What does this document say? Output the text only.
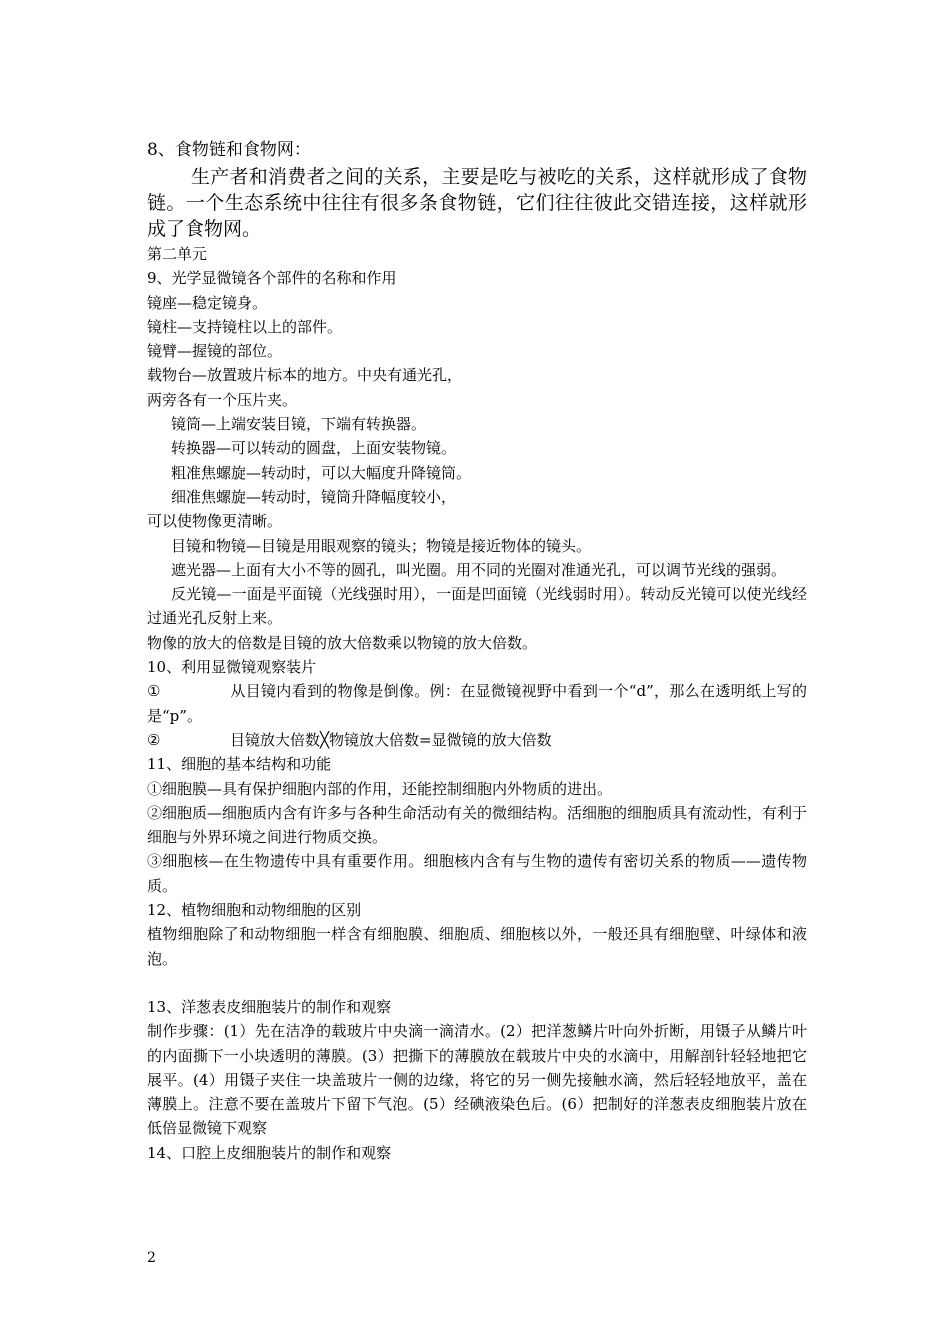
8、食物链和食物网：

生产者和消费者之间的关系，主要是吃与被吃的关系，这样就形成了食物链。一个生态系统中往往有很多条食物链，它们往往彼此交错连接，这样就形成了食物网。

第二单元

9、光学显微镜各个部件的名称和作用

镜座—稳定镜身。

镜柱—支持镜柱以上的部件。

镜臂—握镜的部位。

载物台—放置玻片标本的地方。中央有通光孔，

两旁各有一个压片夹。

镜筒—上端安装目镜，下端有转换器。

转换器—可以转动的圆盘，上面安装物镜。

粗准焦螺旋—转动时，可以大幅度升降镜筒。

细准焦螺旋—转动时，镜筒升降幅度较小，

可以使物像更清晰。

目镜和物镜—目镜是用眼观察的镜头；物镜是接近物体的镜头。

遮光器—上面有大小不等的圆孔，叫光圈。用不同的光圈对准通光孔，可以调节光线的强弱。

反光镜—一面是平面镜（光线强时用），一面是凹面镜（光线弱时用）。转动反光镜可以使光线经过通光孔反射上来。

物像的放大的倍数是目镜的放大倍数乘以物镜的放大倍数。

10、利用显微镜观察装片

①	从目镜内看到的物像是倒像。例：在显微镜视野中看到一个“d”，那么在透明纸上写的是“p”。

②	目镜放大倍数╳物镜放大倍数=显微镜的放大倍数

11、细胞的基本结构和功能

①细胞膜—具有保护细胞内部的作用，还能控制细胞内外物质的进出。

②细胞质—细胞质内含有许多与各种生命活动有关的微细结构。活细胞的细胞质具有流动性，有利于细胞与外界环境之间进行物质交换。

③细胞核—在生物遗传中具有重要作用。细胞核内含有与生物的遗传有密切关系的物质——遗传物质。

12、植物细胞和动物细胞的区别

植物细胞除了和动物细胞一样含有细胞膜、细胞质、细胞核以外，一般还具有细胞壁、叶绿体和液泡。

13、洋葱表皮细胞装片的制作和观察

制作步骤：(1）先在洁净的载玻片中央滴一滴清水。(2）把洋葱鳞片叶向外折断，用镊子从鳞片叶的内面撕下一小块透明的薄膜。(3）把撕下的薄膜放在载玻片中央的水滴中，用解剖针轻轻地把它展平。(4）用镊子夹住一块盖玻片一侧的边缘，将它的另一侧先接触水滴，然后轻轻地放平，盖在薄膜上。注意不要在盖玻片下留下气泡。(5）经碘液染色后。(6）把制好的洋葱表皮细胞装片放在低倍显微镜下观察

14、口腔上皮细胞装片的制作和观察

2
